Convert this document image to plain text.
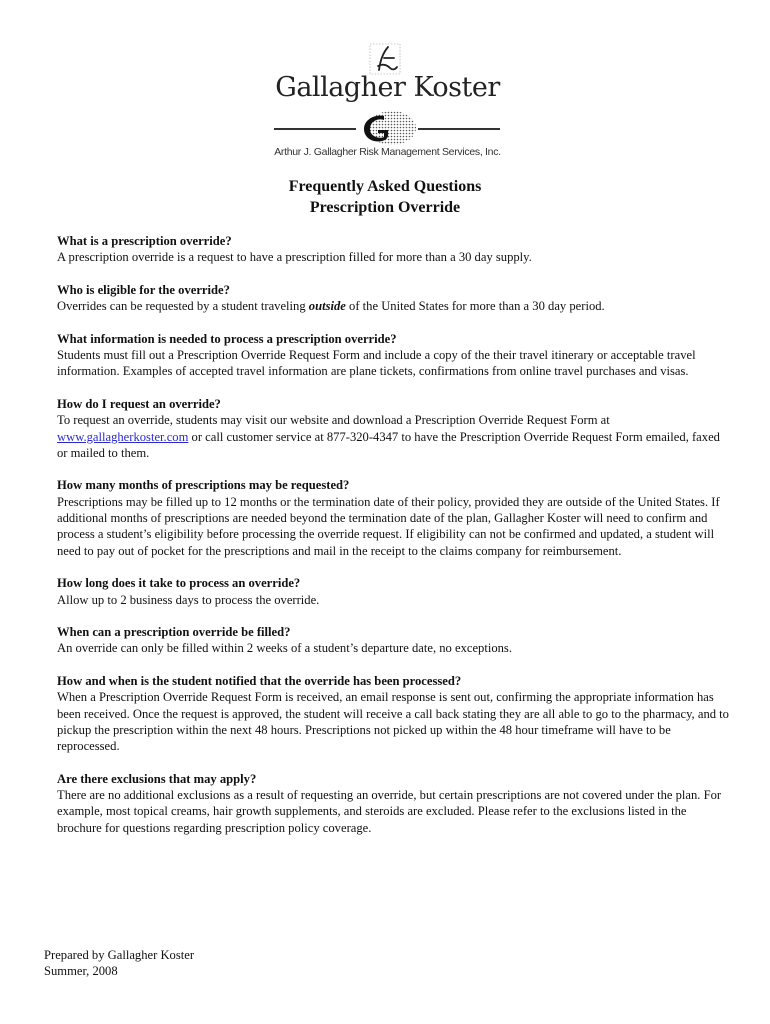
Gallagher Koster
Arthur J. Gallagher Risk Management Services, Inc.
Frequently Asked Questions
Prescription Override

What is a prescription override?

A prescription override is a request to have a prescription filled for more than a 30 day supply.

Who is eligible for the override?

Overrides can be requested by a student traveling outside of the United States for more than a 30 day period.

What information is needed to process a prescription override?

Students must fill out a Prescription Override Request Form and include a copy of the their travel itinerary or acceptable travel information. Examples of accepted travel information are plane tickets, confirmations from online travel purchases and visas.

How do I request an override?

To request an override, students may visit our website and download a Prescription Override Request Form at www.gallagherkoster.com or call customer service at 877-320-4347 to have the Prescription Override Request Form emailed, faxed or mailed to them.

How many months of prescriptions may be requested?

Prescriptions may be filled up to 12 months or the termination date of their policy, provided they are outside of the United States. If additional months of prescriptions are needed beyond the termination date of the plan, Gallagher Koster will need to confirm and process a student’s eligibility before processing the override request. If eligibility can not be confirmed and updated, a student will need to pay out of pocket for the prescriptions and mail in the receipt to the claims company for reimbursement.

How long does it take to process an override?

Allow up to 2 business days to process the override.

When can a prescription override be filled?

An override can only be filled within 2 weeks of a student’s departure date, no exceptions.

How and when is the student notified that the override has been processed?

When a Prescription Override Request Form is received, an email response is sent out, confirming the appropriate information has been received. Once the request is approved, the student will receive a call back stating they are all able to go to the pharmacy, and to pickup the prescription within the next 48 hours. Prescriptions not picked up within the 48 hour timeframe will have to be reprocessed.

Are there exclusions that may apply?

There are no additional exclusions as a result of requesting an override, but certain prescriptions are not covered under the plan. For example, most topical creams, hair growth supplements, and steroids are excluded. Please refer to the exclusions listed in the brochure for questions regarding prescription policy coverage.

Prepared by Gallagher Koster
Summer, 2008
